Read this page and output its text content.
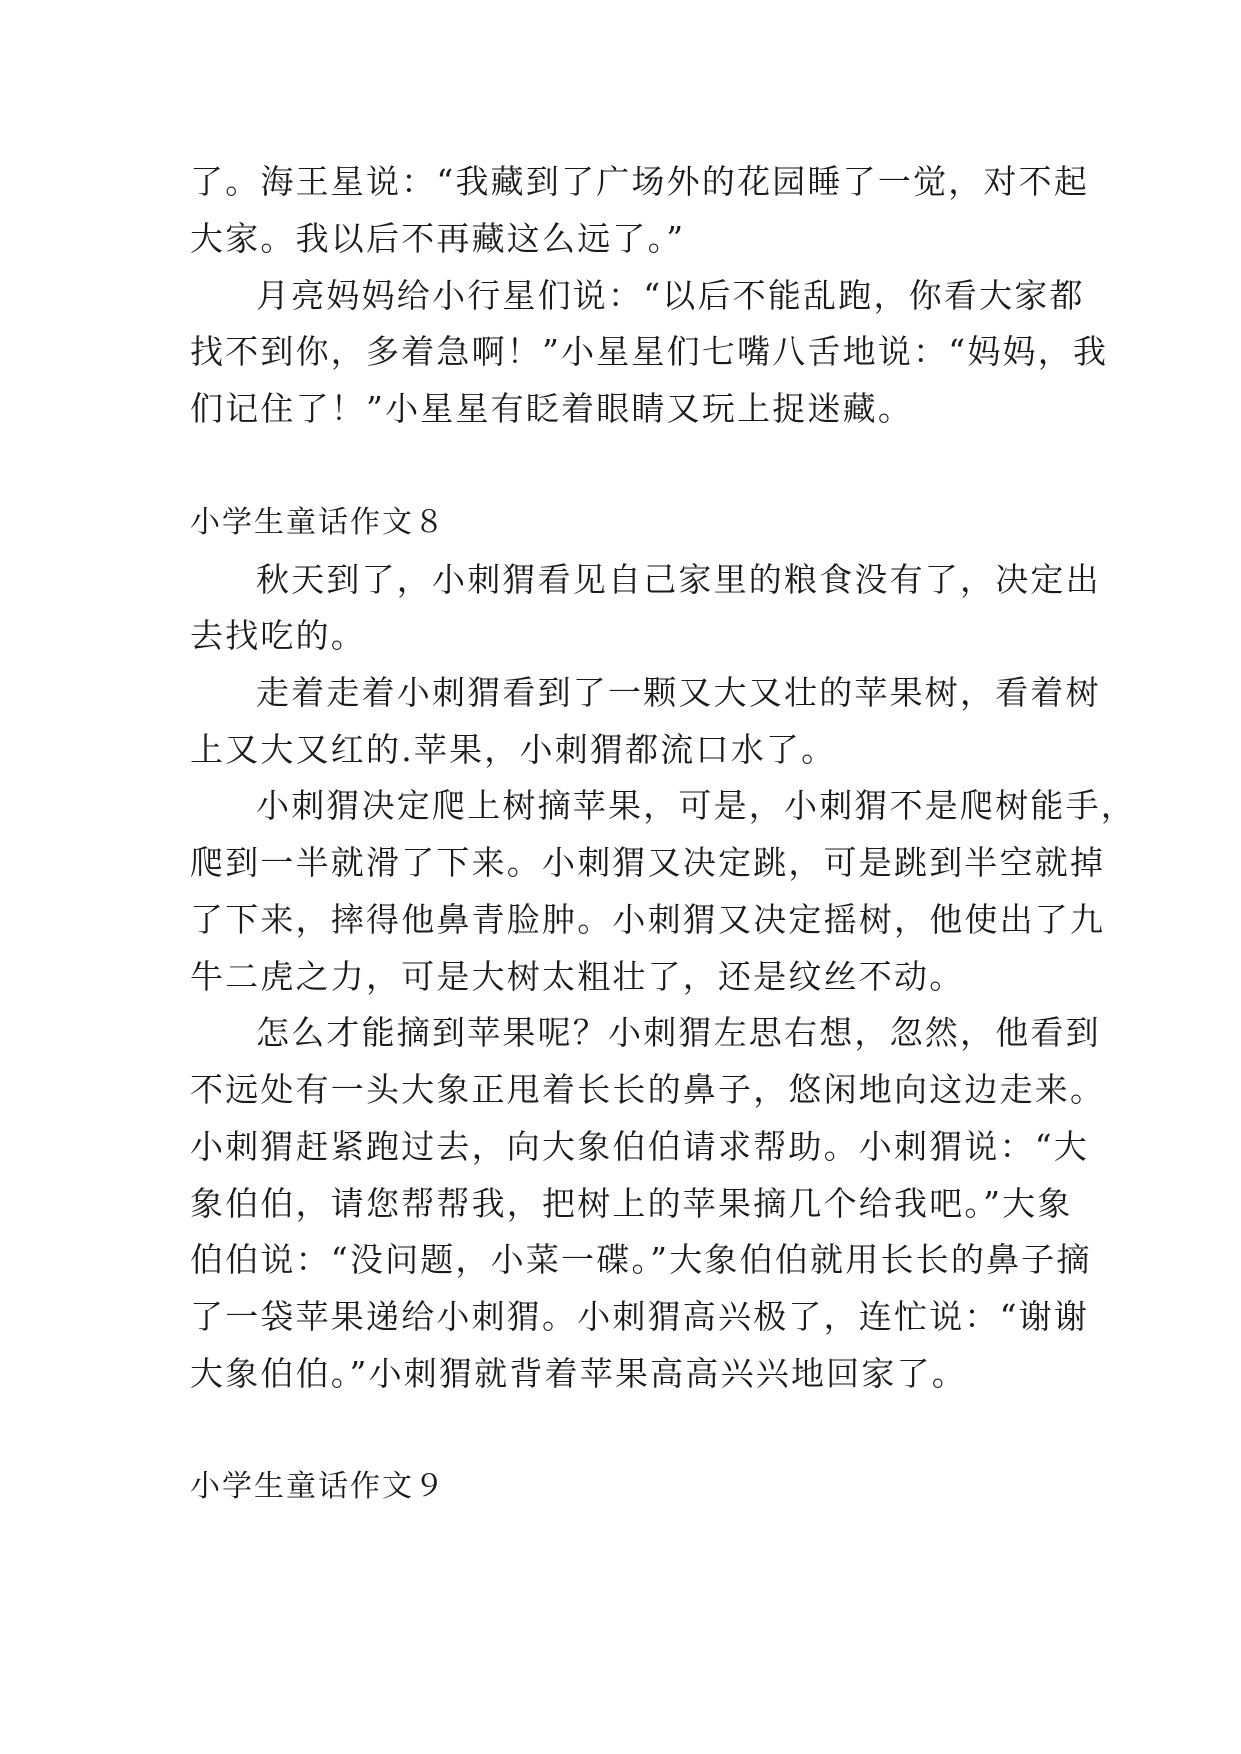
了。海王星说：“我藏到了广场外的花园睡了一觉，对不起
大家。我以后不再藏这么远了。”
月亮妈妈给小行星们说：“以后不能乱跑，你看大家都
找不到你，多着急啊！”小星星们七嘴八舌地说：“妈妈，我
们记住了！”小星星有眨着眼睛又玩上捉迷藏。
小学生童话作文８
秋天到了，小刺猬看见自己家里的粮食没有了，决定出
去找吃的。
走着走着小刺猬看到了一颗又大又壮的苹果树，看着树
上又大又红的.苹果，小刺猬都流口水了。
小刺猬决定爬上树摘苹果，可是，小刺猬不是爬树能手，
爬到一半就滑了下来。小刺猬又决定跳，可是跳到半空就掉
了下来，摔得他鼻青脸肿。小刺猬又决定摇树，他使出了九
牛二虎之力，可是大树太粗壮了，还是纹丝不动。
怎么才能摘到苹果呢？小刺猬左思右想，忽然，他看到
不远处有一头大象正甩着长长的鼻子，悠闲地向这边走来。
小刺猬赶紧跑过去，向大象伯伯请求帮助。小刺猬说：“大
象伯伯，请您帮帮我，把树上的苹果摘几个给我吧。”大象
伯伯说：“没问题，小菜一碟。”大象伯伯就用长长的鼻子摘
了一袋苹果递给小刺猬。小刺猬高兴极了，连忙说：“谢谢
大象伯伯。”小刺猬就背着苹果高高兴兴地回家了。
小学生童话作文９
